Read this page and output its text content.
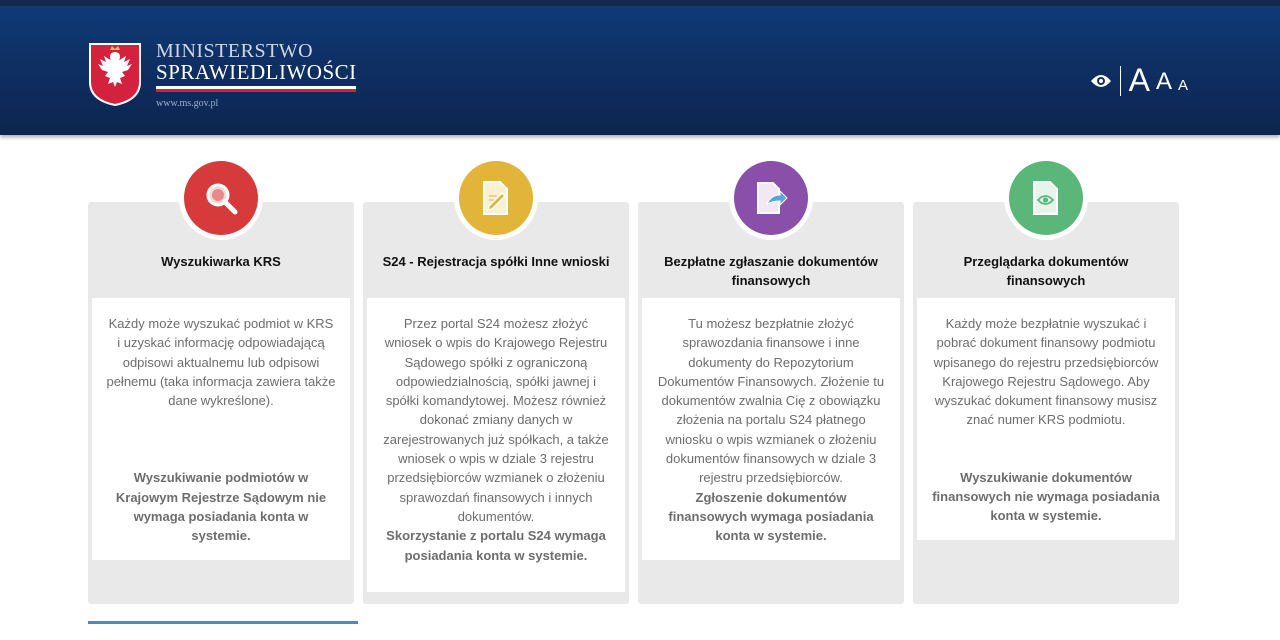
MINISTERSTWO
SPRAWIEDLIWOŚCI
www.ms.gov.pl
A A A
Wyszukiwarka KRS
Każdy może wyszukać podmiot w KRS i uzyskać informację odpowiadającą odpisowi aktualnemu lub odpisowi pełnemu (taka informacja zawiera także dane wykreślone).
Wyszukiwanie podmiotów w Krajowym Rejestrze Sądowym nie wymaga posiadania konta w systemie.
S24 - Rejestracja spółki Inne wnioski
Przez portal S24 możesz złożyć wniosek o wpis do Krajowego Rejestru Sądowego spółki z ograniczoną odpowiedzialnością, spółki jawnej i spółki komandytowej. Możesz również dokonać zmiany danych w zarejestrowanych już spółkach, a także wniosek o wpis w dziale 3 rejestru przedsiębiorców wzmianek o złożeniu sprawozdań finansowych i innych dokumentów.
Skorzystanie z portalu S24 wymaga posiadania konta w systemie.
Bezpłatne zgłaszanie dokumentów finansowych
Tu możesz bezpłatnie złożyć sprawozdania finansowe i inne dokumenty do Repozytorium Dokumentów Finansowych. Złożenie tu dokumentów zwalnia Cię z obowiązku złożenia na portalu S24 płatnego wniosku o wpis wzmianek o złożeniu dokumentów finansowych w dziale 3 rejestru przedsiębiorców.
Zgłoszenie dokumentów finansowych wymaga posiadania konta w systemie.
Przeglądarka dokumentów finansowych
Każdy może bezpłatnie wyszukać i pobrać dokument finansowy podmiotu wpisanego do rejestru przedsiębiorców Krajowego Rejestru Sądowego. Aby wyszukać dokument finansowy musisz znać numer KRS podmiotu.
Wyszukiwanie dokumentów finansowych nie wymaga posiadania konta w systemie.
